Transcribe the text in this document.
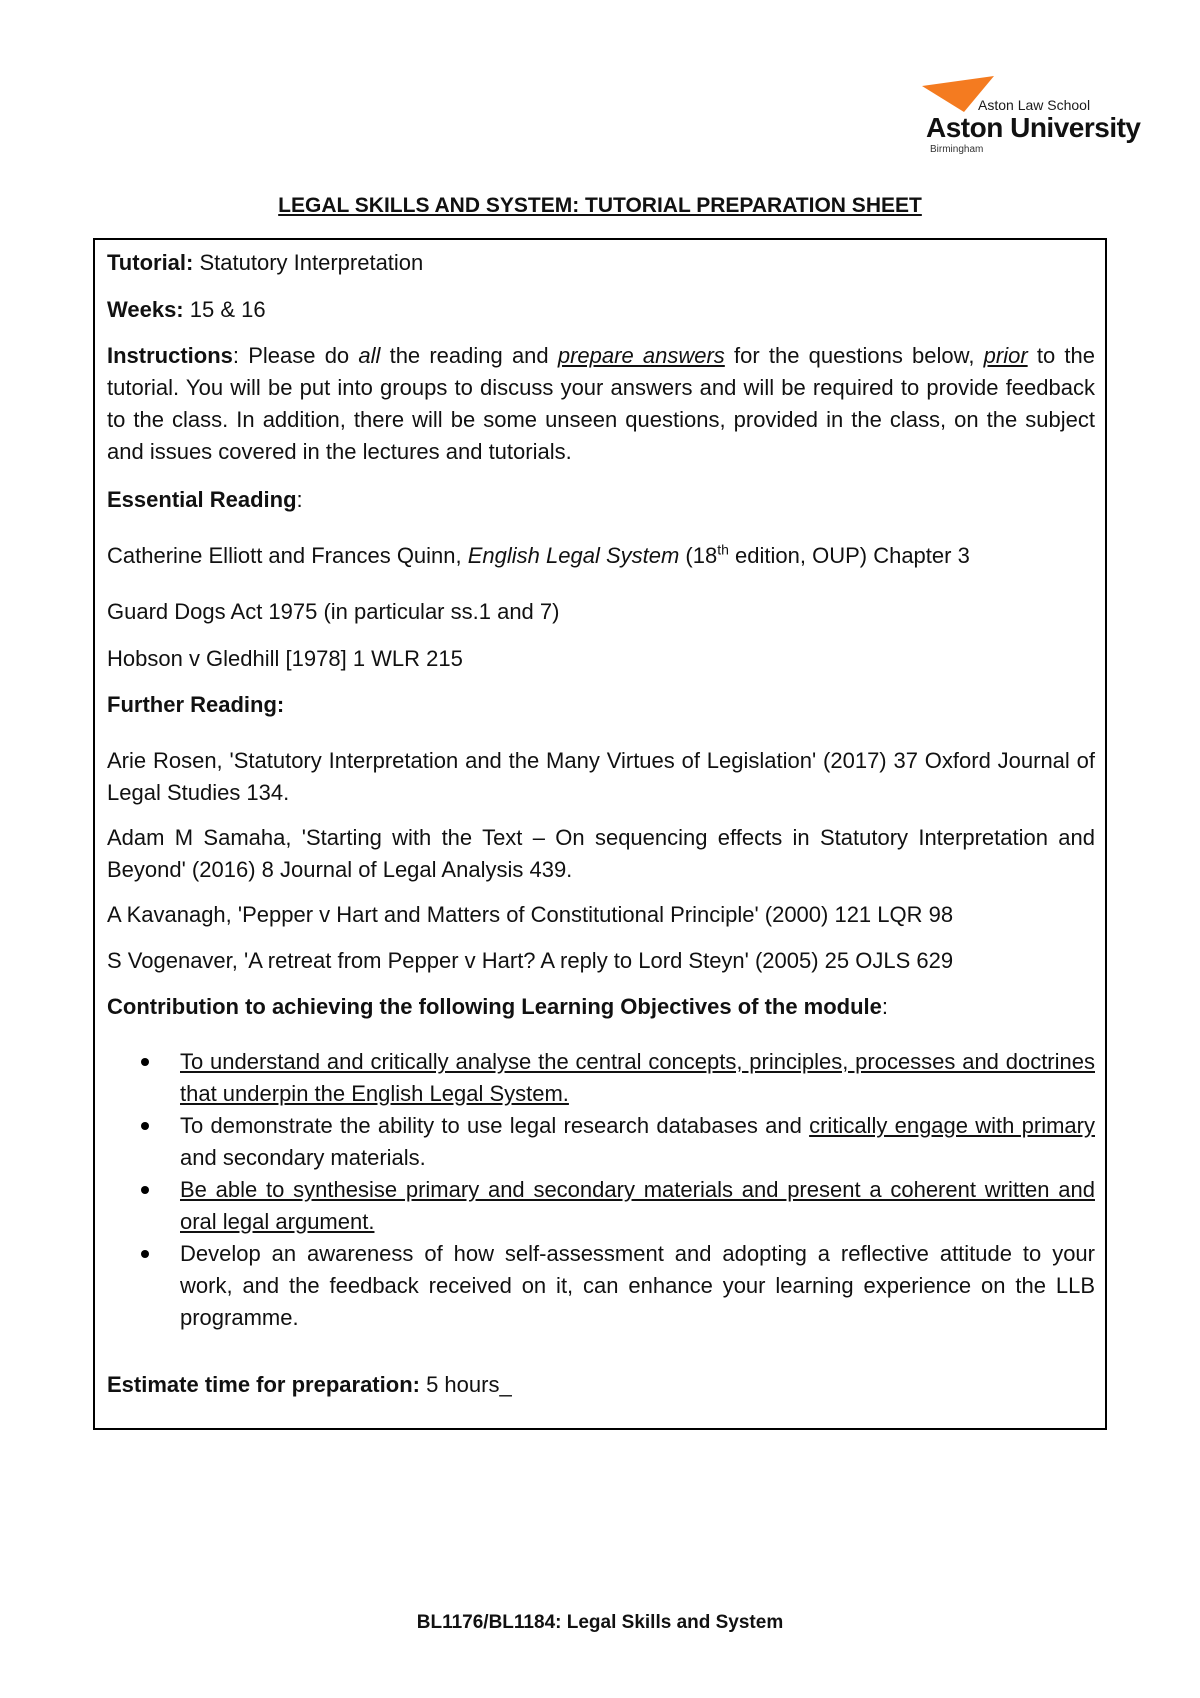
Aston Law School
Aston University
Birmingham
LEGAL SKILLS AND SYSTEM: TUTORIAL PREPARATION SHEET

Tutorial: Statutory Interpretation

Weeks: 15 & 16

Instructions: Please do all the reading and prepare answers for the questions below, prior to the tutorial. You will be put into groups to discuss your answers and will be required to provide feedback to the class. In addition, there will be some unseen questions, provided in the class, on the subject and issues covered in the lectures and tutorials.

Essential Reading:

Catherine Elliott and Frances Quinn, English Legal System (18th edition, OUP) Chapter 3

Guard Dogs Act 1975 (in particular ss.1 and 7)

Hobson v Gledhill [1978] 1 WLR 215

Further Reading:

Arie Rosen, 'Statutory Interpretation and the Many Virtues of Legislation' (2017) 37 Oxford Journal of Legal Studies 134.

Adam M Samaha, 'Starting with the Text – On sequencing effects in Statutory Interpretation and Beyond' (2016) 8 Journal of Legal Analysis 439.

A Kavanagh, 'Pepper v Hart and Matters of Constitutional Principle' (2000) 121 LQR 98

S Vogenaver, 'A retreat from Pepper v Hart? A reply to Lord Steyn' (2005) 25 OJLS 629

Contribution to achieving the following Learning Objectives of the module:

To understand and critically analyse the central concepts, principles, processes and doctrines that underpin the English Legal System.
To demonstrate the ability to use legal research databases and critically engage with primary and secondary materials.
Be able to synthesise primary and secondary materials and present a coherent written and oral legal argument.
Develop an awareness of how self-assessment and adopting a reflective attitude to your work, and the feedback received on it, can enhance your learning experience on the LLB programme.

Estimate time for preparation: 5 hours_

BL1176/BL1184: Legal Skills and System
